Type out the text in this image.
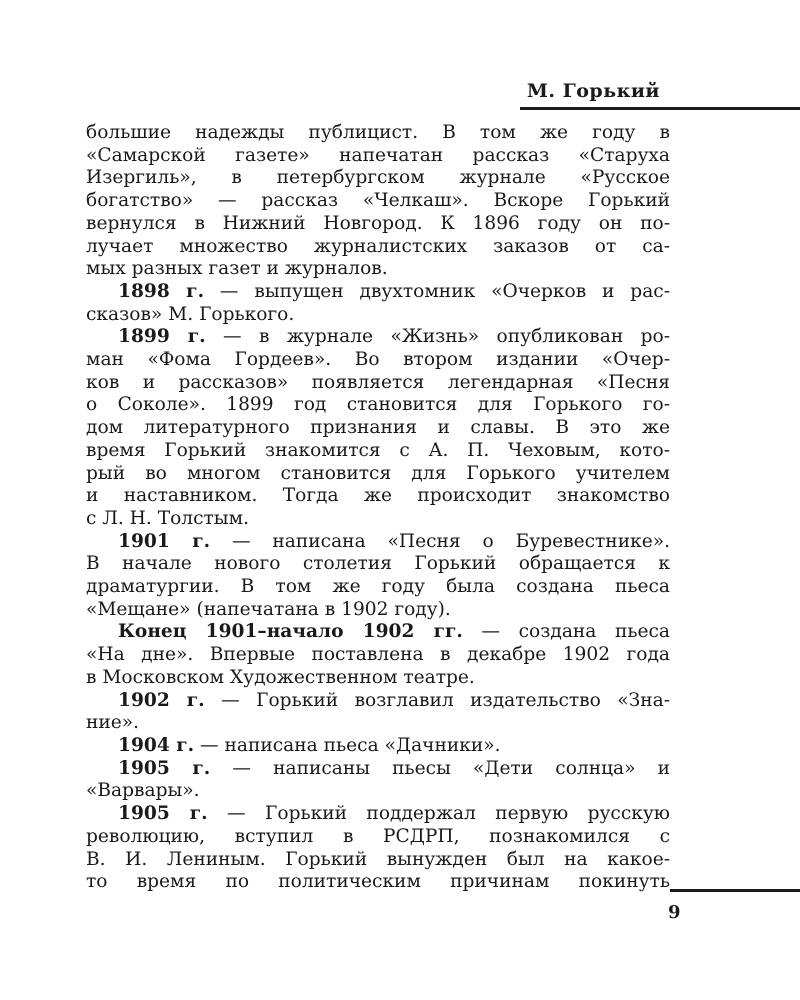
М. Горький

большие надежды публицист. В том же году в
«Самарской газете» напечатан рассказ «Старуха
Изергиль», в петербургском журнале «Русское
богатство» — рассказ «Челкаш». Вскоре Горький
вернулся в Нижний Новгород. К 1896 году он по-
лучает множество журналистских заказов от са-
мых разных газет и журналов.

1898 г. — выпущен двухтомник «Очерков и рас-
сказов» М. Горького.

1899 г. — в журнале «Жизнь» опубликован ро-
ман «Фома Гордеев». Во втором издании «Очер-
ков и рассказов» появляется легендарная «Песня
о Соколе». 1899 год становится для Горького го-
дом литературного признания и славы. В это же
время Горький знакомится с А. П. Чеховым, кото-
рый во многом становится для Горького учителем
и наставником. Тогда же происходит знакомство
с Л. Н. Толстым.

1901 г. — написана «Песня о Буревестнике».
В начале нового столетия Горький обращается к
драматургии. В том же году была создана пьеса
«Мещане» (напечатана в 1902 году).

Конец 1901–начало 1902 гг. — создана пьеса
«На дне». Впервые поставлена в декабре 1902 года
в Московском Художественном театре.

1902 г. — Горький возглавил издательство «Зна-
ние».

1904 г. — написана пьеса «Дачники».

1905 г. — написаны пьесы «Дети солнца» и
«Варвары».

1905 г. — Горький поддержал первую русскую
революцию, вступил в РСДРП, познакомился с
В. И. Лениным. Горький вынужден был на какое-
то время по политическим причинам покинуть

9
